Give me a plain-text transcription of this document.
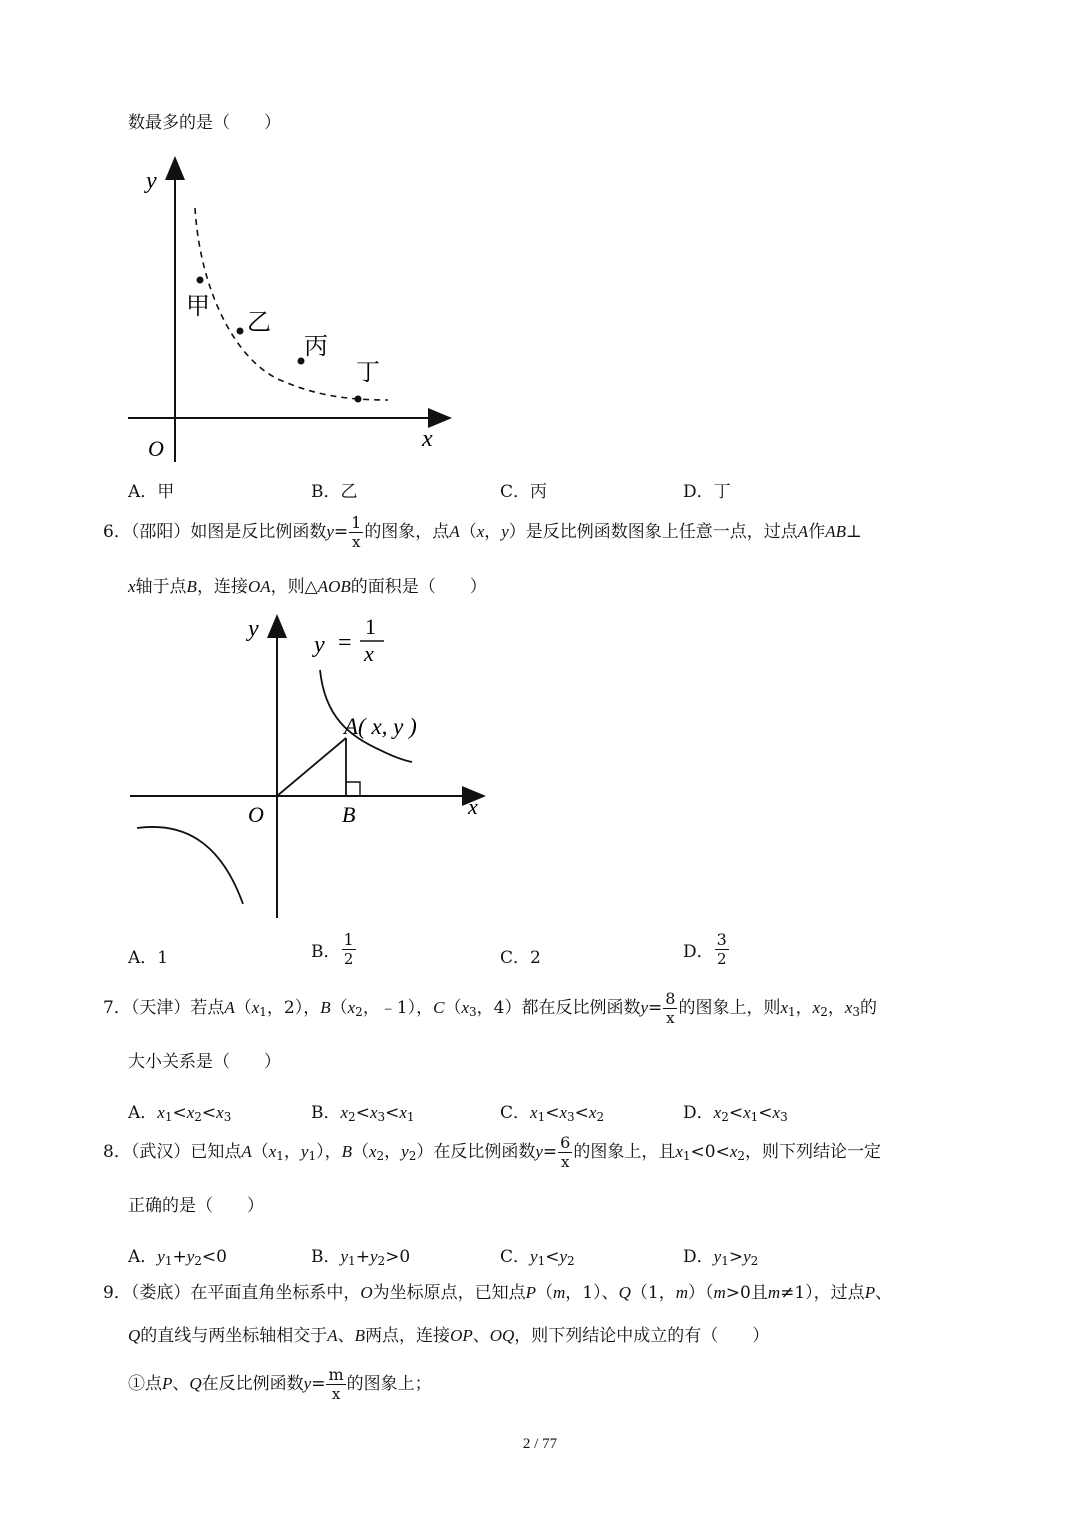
数最多的是（　　）
y
x
O
甲
乙
丙
丁
A．甲	B．乙	C．丙	D．丁
6．（邵阳）如图是反比例函数$y= \frac{1}{x}$ 的图象，点A（x，y）是反比例函数图象上任意一点，过点A作AB⊥
x轴于点B，连接OA，则△AOB的面积是（　　）
y
x
O	B
A( x, y )
y =
1
x
A．1	B． $\frac{1}{2}$	C．2	D． $\frac{3}{2}$
7．（天津）若点$A(x_1$，2），$B(x_2$，﹣1），$C(x_3$，4）都在反比例函数$y= \frac{8}{x}$ 的图象上，则$x_1$，$x_2$，$x_3$的
大小关系是（　　）
A．$x_1<x_2<x_3$	B．$x_2<x_3<x_1$	C．$x_1<x_3<x_2$	D．$x_2<x_1<x_3$
8．（武汉）已知点$A(x_1$，$y_1$），$B(x_2$，$y_2$）在反比例函数$y= \frac{6}{x}$ 的图象上，且$x_1<0<x_2$，则下列结论一定
正确的是（　　）
A．$y_1+y_2<0$	B．$y_1+y_2>0$	C．$y_1<y_2$	D．$y_1>y_2$
9．（娄底）在平面直角坐标系中，O为坐标原点，已知点P（m，1）、Q（1，m）（m>0且m≠1），过点P、
Q的直线与两坐标轴相交于A、B两点，连接OP、OQ，则下列结论中成立的有（　　）
①点P、Q在反比例函数$y= \frac{m}{x}$ 的图象上；
2 / 77
